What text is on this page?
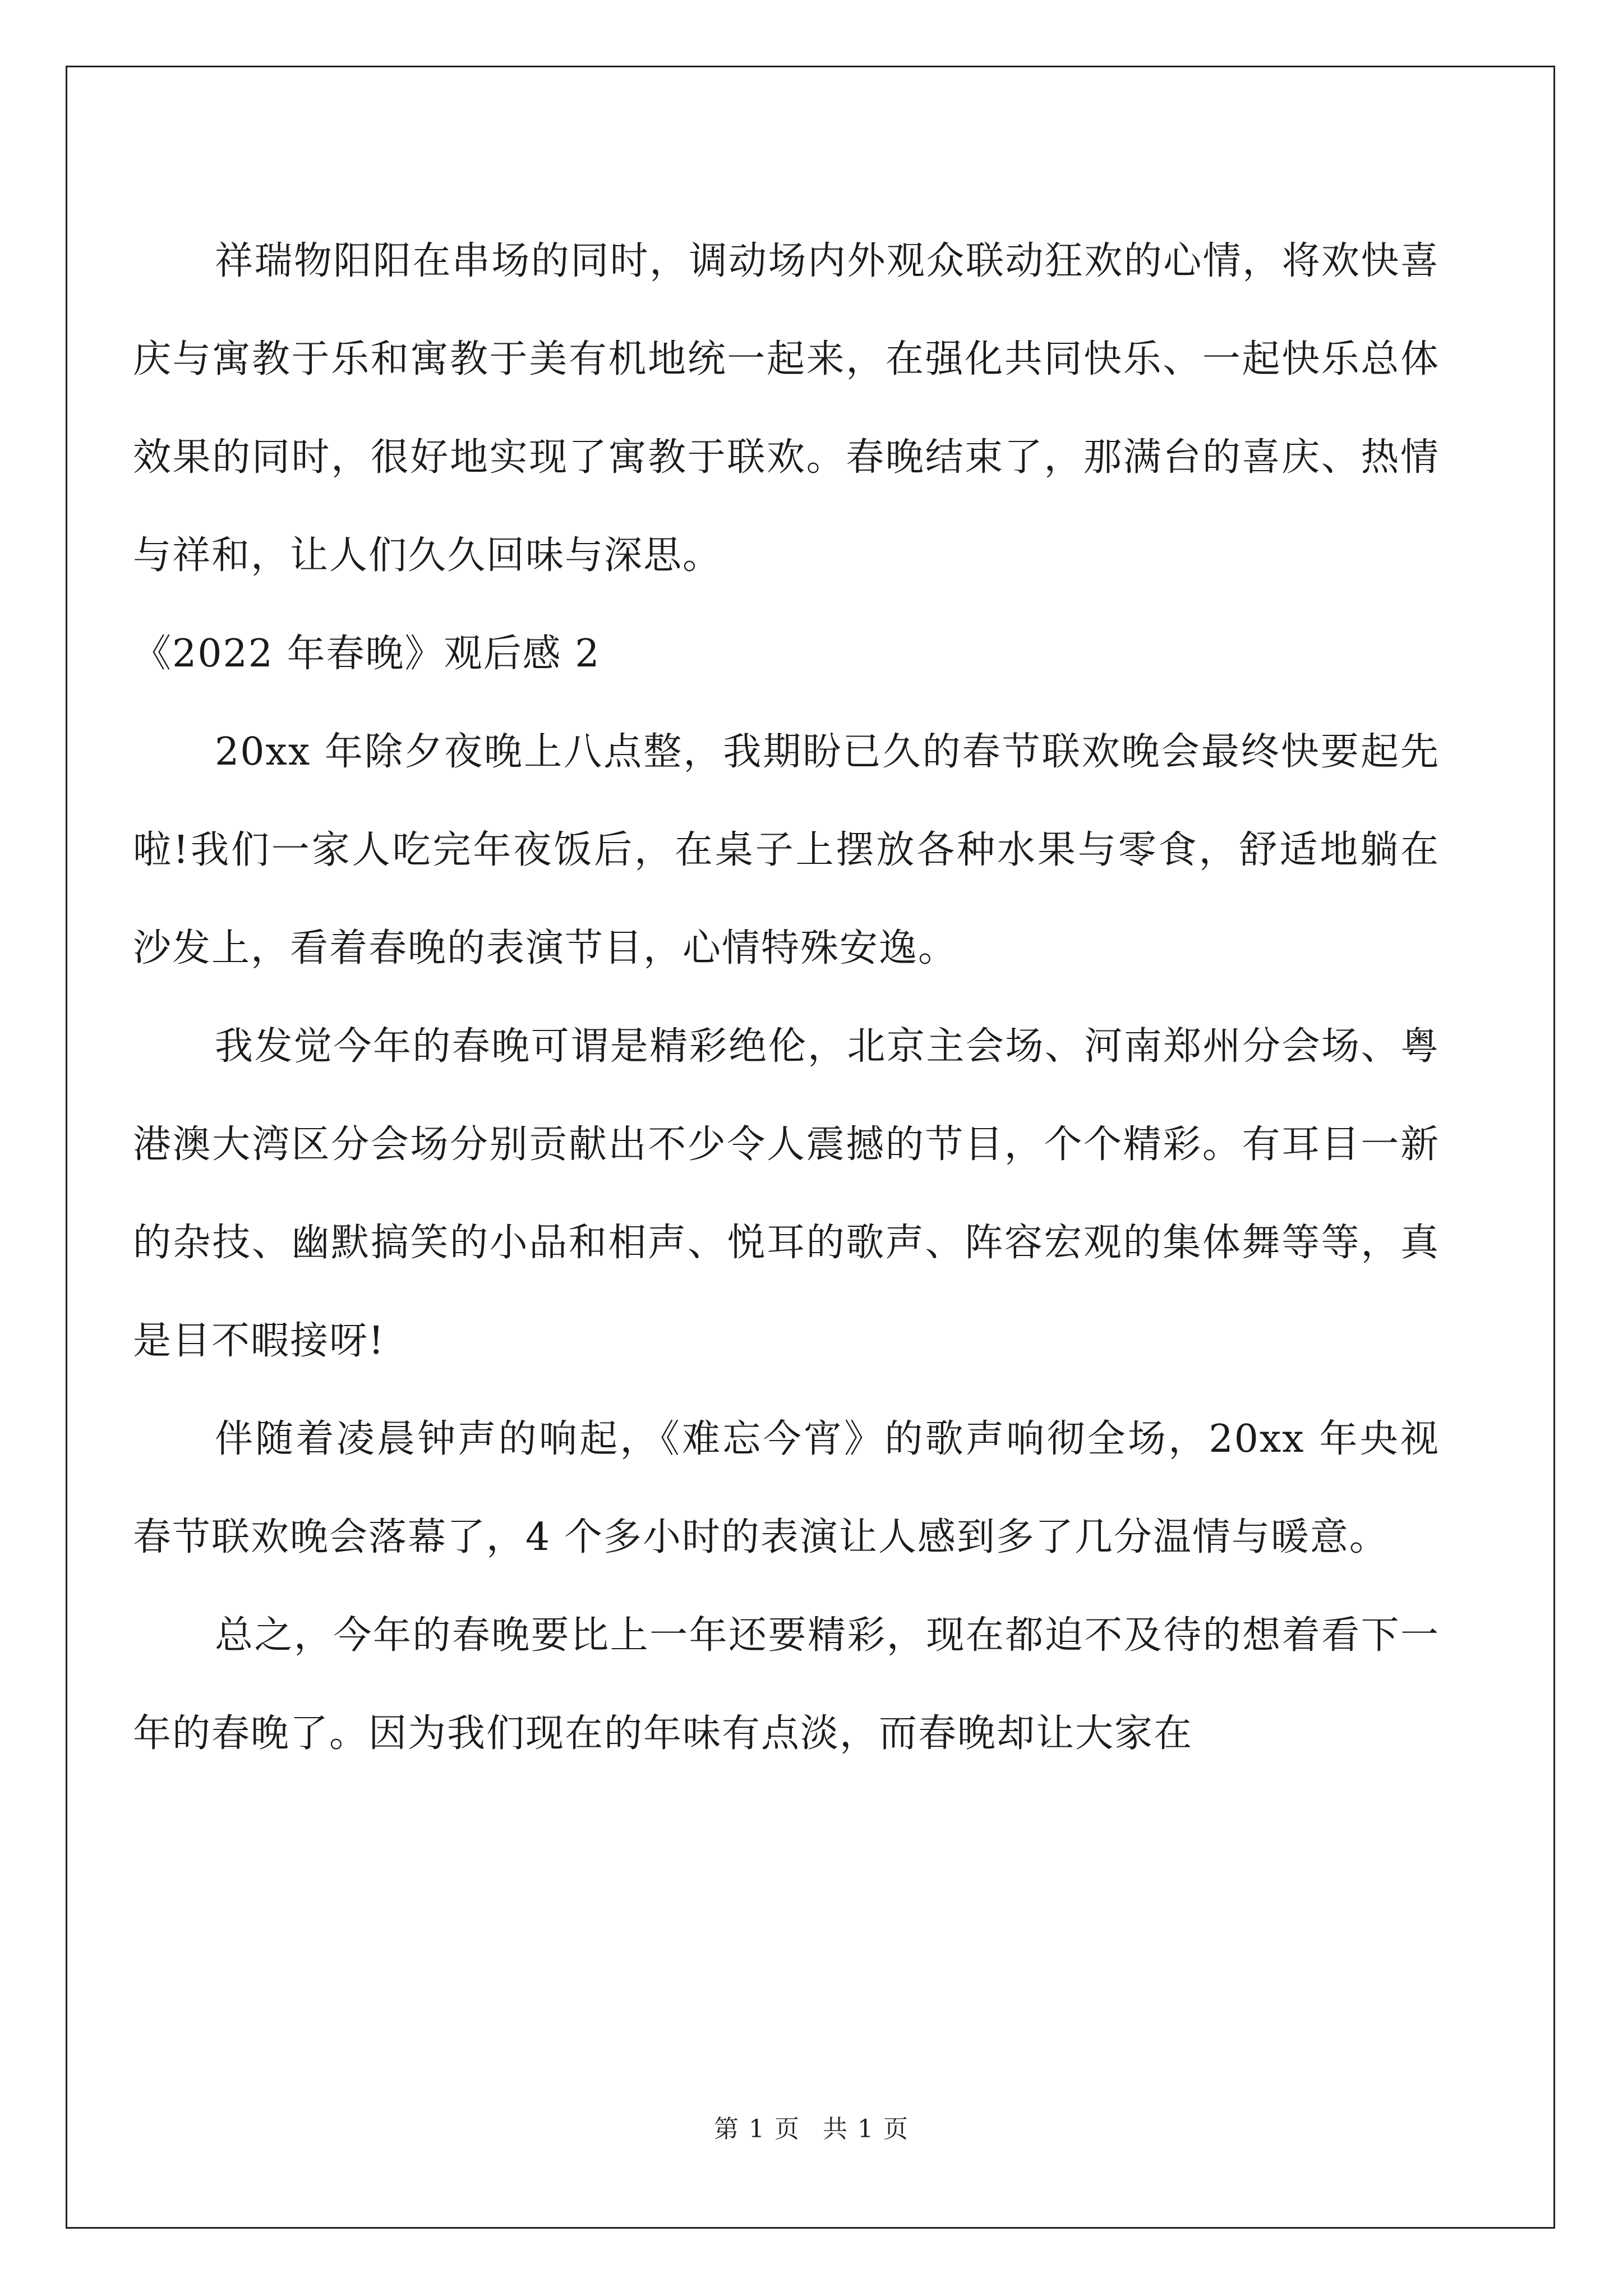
祥瑞物阳阳在串场的同时，调动场内外观众联动狂欢的心情，将欢快喜庆与寓教于乐和寓教于美有机地统一起来，在强化共同快乐、一起快乐总体效果的同时，很好地实现了寓教于联欢。春晚结束了，那满台的喜庆、热情与祥和，让人们久久回味与深思。

《2022 年春晚》观后感 2

20xx 年除夕夜晚上八点整，我期盼已久的春节联欢晚会最终快要起先啦!我们一家人吃完年夜饭后，在桌子上摆放各种水果与零食，舒适地躺在沙发上，看着春晚的表演节目，心情特殊安逸。

我发觉今年的春晚可谓是精彩绝伦，北京主会场、河南郑州分会场、粤港澳大湾区分会场分别贡献出不少令人震撼的节目，个个精彩。有耳目一新的杂技、幽默搞笑的小品和相声、悦耳的歌声、阵容宏观的集体舞等等，真是目不暇接呀!

伴随着凌晨钟声的响起，《难忘今宵》的歌声响彻全场，20xx 年央视春节联欢晚会落幕了，4 个多小时的表演让人感到多了几分温情与暖意。

总之，今年的春晚要比上一年还要精彩，现在都迫不及待的想着看下一年的春晚了。因为我们现在的年味有点淡，而春晚却让大家在

第 1 页 共 1 页
